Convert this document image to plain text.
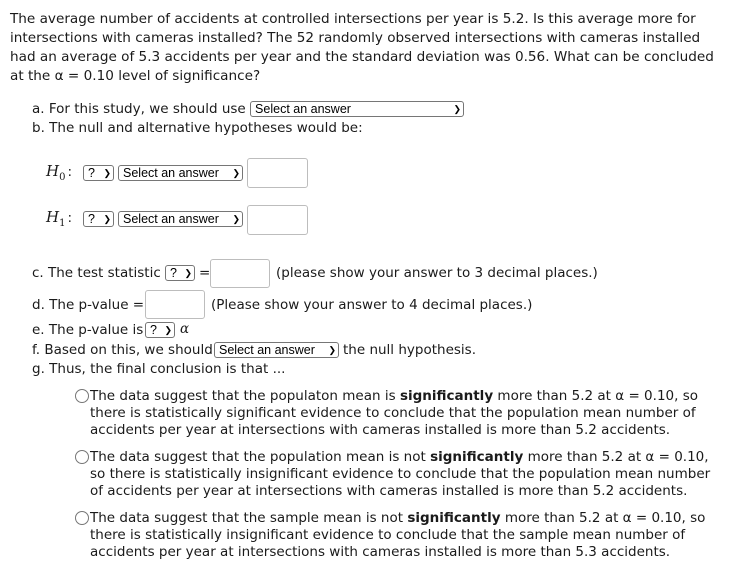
The average number of accidents at controlled intersections per year is 5.2. Is this average more for intersections with cameras installed? The 52 randomly observed intersections with cameras installed had an average of 5.3 accidents per year and the standard deviation was 0.56. What can be concluded at the α = 0.10 level of significance?
a. For this study, we should use Select an answer	❯
b. The null and alternative hypotheses would be:
$H_0$ : ? ❯ Select an answer ❯
$H_1$ : ? ❯ Select an answer ❯
c. The test statistic ? ❯ =	(please show your answer to 3 decimal places.)
d. The p-value =	(Please show your answer to 4 decimal places.)
e. The p-value is ? ❯ α
f. Based on this, we should Select an answer ❯ the null hypothesis.
g. Thus, the final conclusion is that ...
The data suggest that the populaton mean is significantly more than 5.2 at α = 0.10, so there is statistically significant evidence to conclude that the population mean number of accidents per year at intersections with cameras installed is more than 5.2 accidents.
The data suggest that the population mean is not significantly more than 5.2 at α = 0.10, so there is statistically insignificant evidence to conclude that the population mean number of accidents per year at intersections with cameras installed is more than 5.2 accidents.
The data suggest that the sample mean is not significantly more than 5.2 at α = 0.10, so there is statistically insignificant evidence to conclude that the sample mean number of accidents per year at intersections with cameras installed is more than 5.3 accidents.
